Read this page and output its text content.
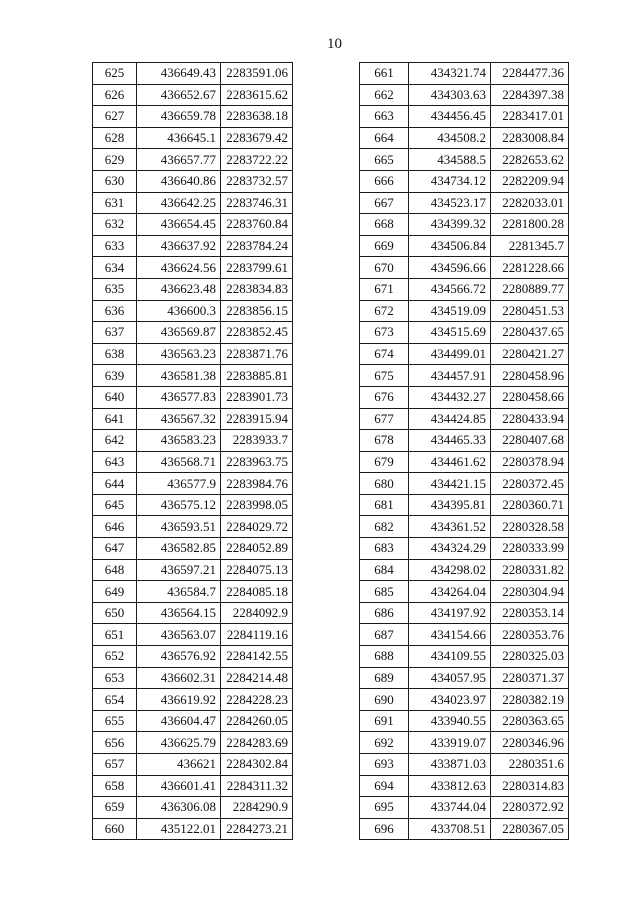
10
625	436649.43	2283591.06
626	436652.67	2283615.62
627	436659.78	2283638.18
628	436645.1	2283679.42
629	436657.77	2283722.22
630	436640.86	2283732.57
631	436642.25	2283746.31
632	436654.45	2283760.84
633	436637.92	2283784.24
634	436624.56	2283799.61
635	436623.48	2283834.83
636	436600.3	2283856.15
637	436569.87	2283852.45
638	436563.23	2283871.76
639	436581.38	2283885.81
640	436577.83	2283901.73
641	436567.32	2283915.94
642	436583.23	2283933.7
643	436568.71	2283963.75
644	436577.9	2283984.76
645	436575.12	2283998.05
646	436593.51	2284029.72
647	436582.85	2284052.89
648	436597.21	2284075.13
649	436584.7	2284085.18
650	436564.15	2284092.9
651	436563.07	2284119.16
652	436576.92	2284142.55
653	436602.31	2284214.48
654	436619.92	2284228.23
655	436604.47	2284260.05
656	436625.79	2284283.69
657	436621	2284302.84
658	436601.41	2284311.32
659	436306.08	2284290.9
660	435122.01	2284273.21
661	434321.74	2284477.36
662	434303.63	2284397.38
663	434456.45	2283417.01
664	434508.2	2283008.84
665	434588.5	2282653.62
666	434734.12	2282209.94
667	434523.17	2282033.01
668	434399.32	2281800.28
669	434506.84	2281345.7
670	434596.66	2281228.66
671	434566.72	2280889.77
672	434519.09	2280451.53
673	434515.69	2280437.65
674	434499.01	2280421.27
675	434457.91	2280458.96
676	434432.27	2280458.66
677	434424.85	2280433.94
678	434465.33	2280407.68
679	434461.62	2280378.94
680	434421.15	2280372.45
681	434395.81	2280360.71
682	434361.52	2280328.58
683	434324.29	2280333.99
684	434298.02	2280331.82
685	434264.04	2280304.94
686	434197.92	2280353.14
687	434154.66	2280353.76
688	434109.55	2280325.03
689	434057.95	2280371.37
690	434023.97	2280382.19
691	433940.55	2280363.65
692	433919.07	2280346.96
693	433871.03	2280351.6
694	433812.63	2280314.83
695	433744.04	2280372.92
696	433708.51	2280367.05
